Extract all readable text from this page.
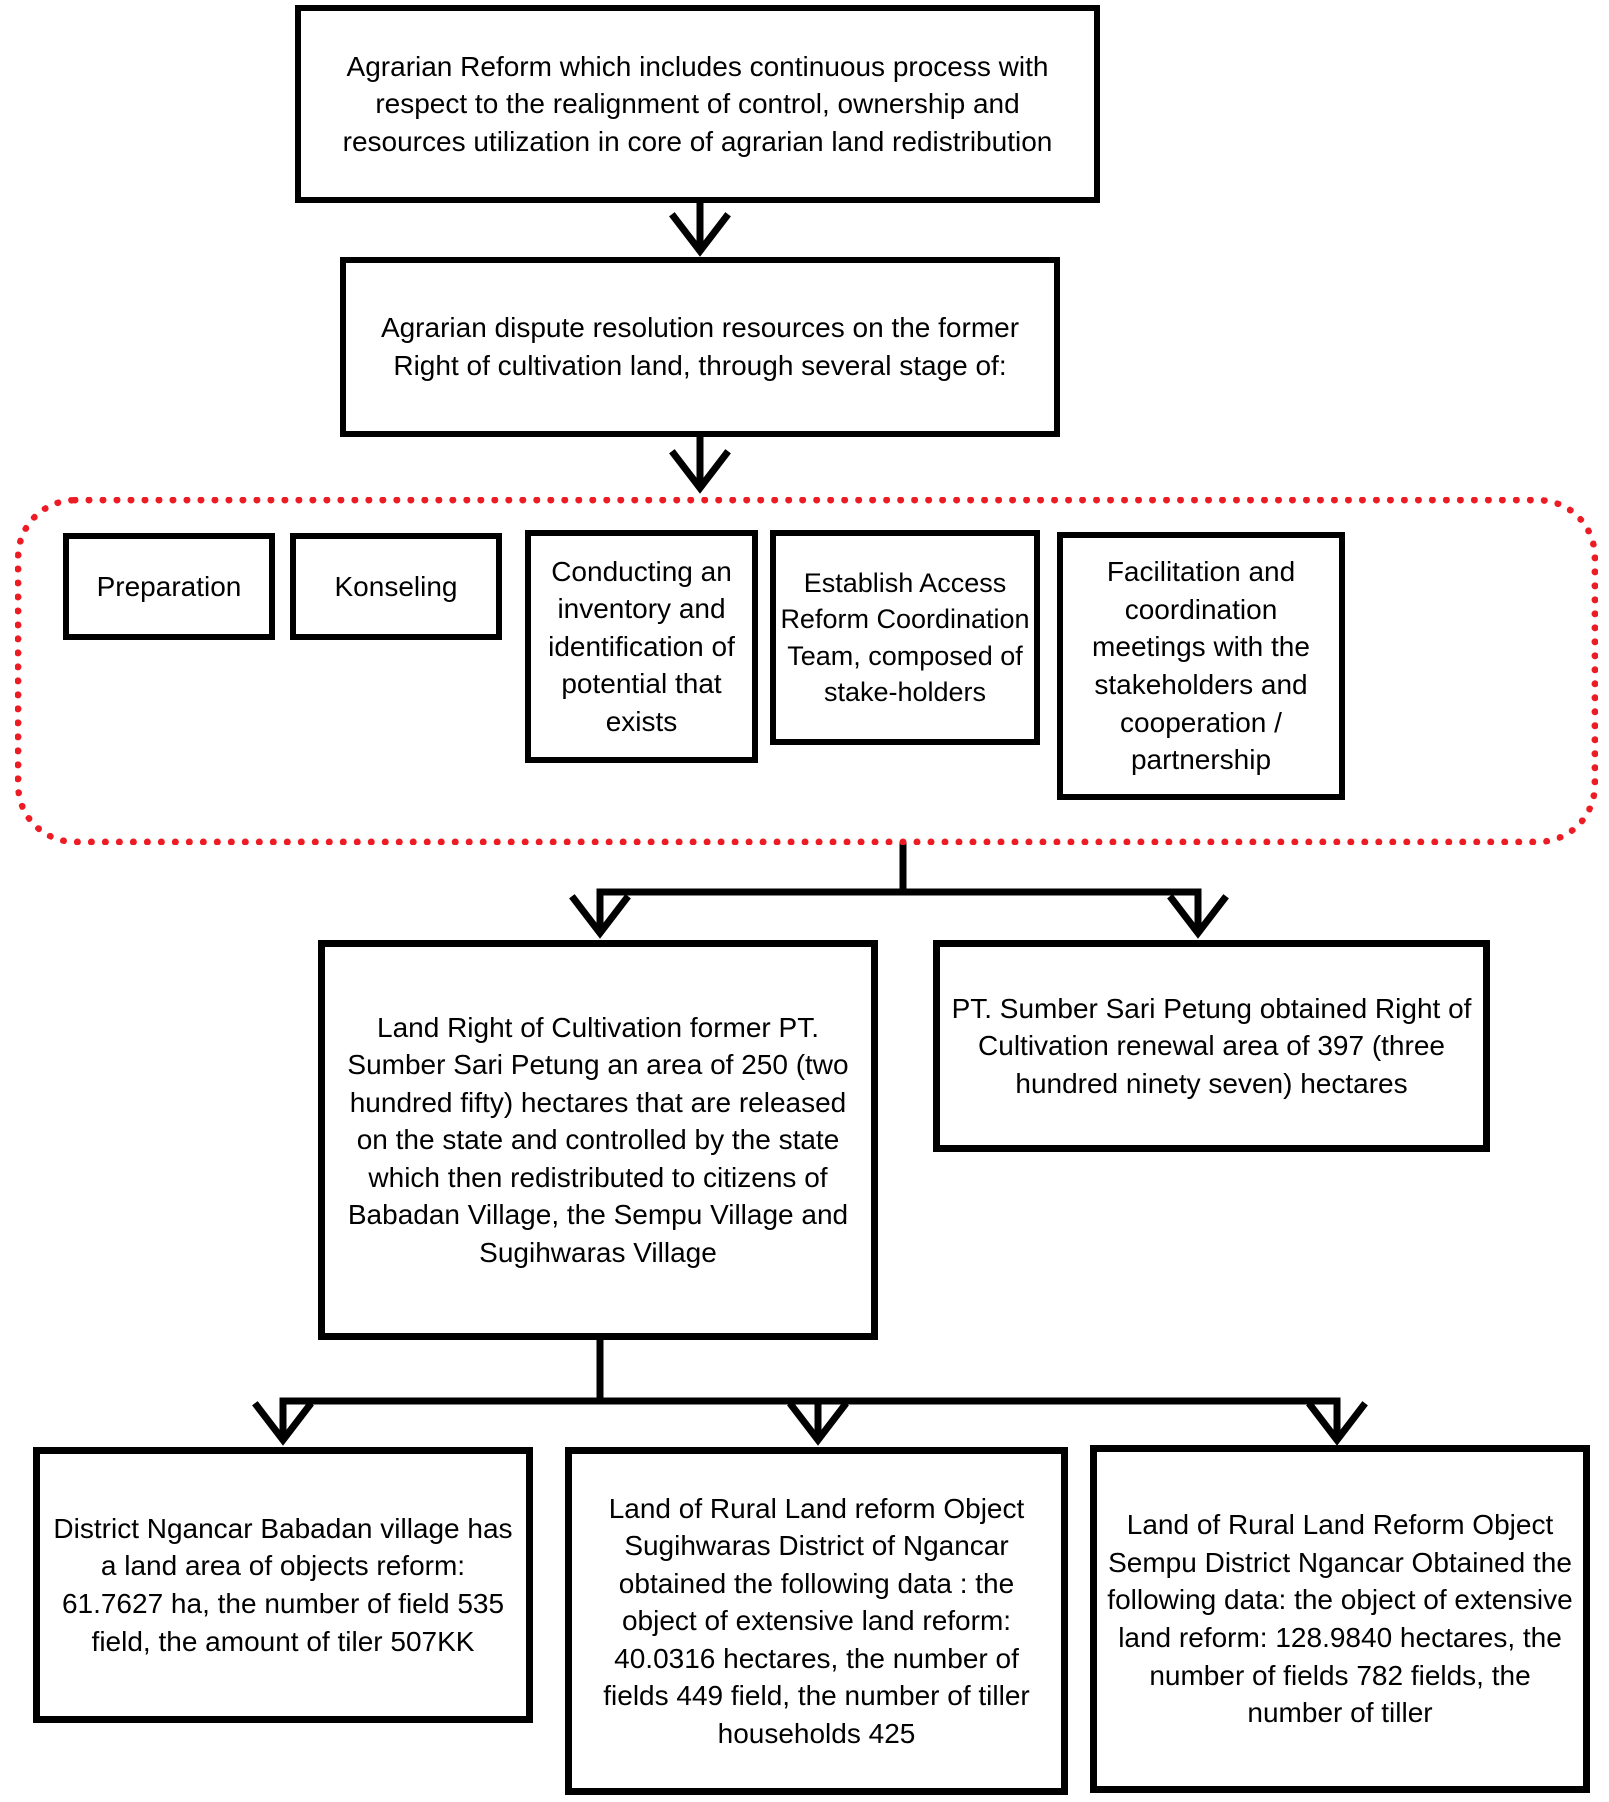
Agrarian Reform which includes continuous process with respect to the realignment of control, ownership and resources utilization in core of agrarian land redistribution
Agrarian dispute resolution resources on the former Right of cultivation land, through several stage of:
Preparation	Konseling	Conducting an inventory and identification of potential that exists
Establish Access Reform Coordination Team, composed of stake-holders
Facilitation and coordination meetings with the stakeholders and cooperation / partnership
Land Right of Cultivation former PT. Sumber Sari Petung an area of 250 (two hundred fifty) hectares that are released on the state and controlled by the state which then redistributed to citizens of Babadan Village, the Sempu Village and Sugihwaras Village
PT. Sumber Sari Petung obtained Right of Cultivation renewal area of 397 (three hundred ninety seven) hectares
District Ngancar Babadan village has a land area of objects reform: 61.7627 ha, the number of field 535 field, the amount of tiler 507KK
Land of Rural Land reform Object Sugihwaras District of Ngancar obtained the following data : the object of extensive land reform: 40.0316 hectares, the number of fields 449 field, the number of tiller households 425
Land of Rural Land Reform Object Sempu District Ngancar Obtained the following data: the object of extensive land reform: 128.9840 hectares, the number of fields 782 fields, the number of tiller
